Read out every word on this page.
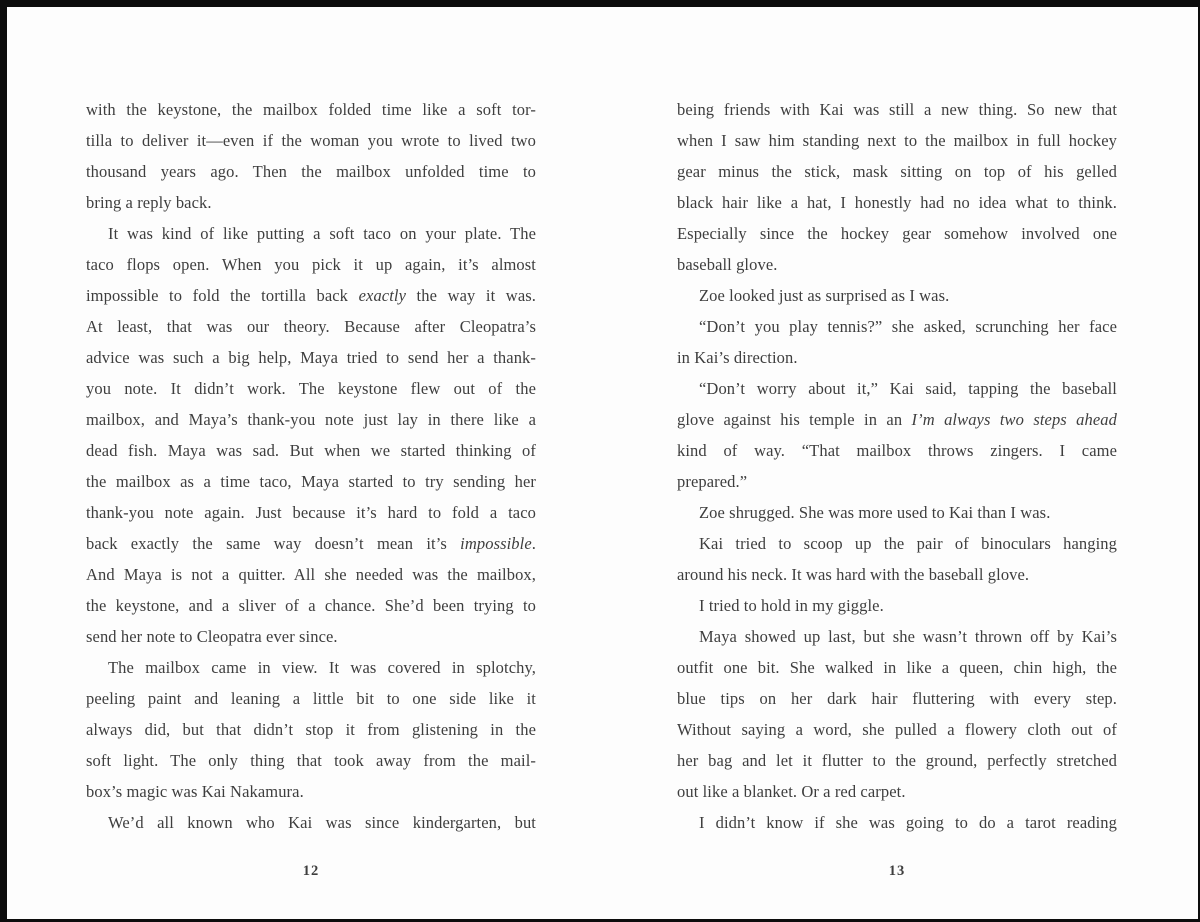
with the keystone, the mailbox folded time like a soft tor-
tilla to deliver it—even if the woman you wrote to lived two
thousand years ago. Then the mailbox unfolded time to
bring a reply back.
It was kind of like putting a soft taco on your plate. The
taco flops open. When you pick it up again, it’s almost
impossible to fold the tortilla back exactly the way it was.
At least, that was our theory. Because after Cleopatra’s
advice was such a big help, Maya tried to send her a thank-
you note. It didn’t work. The keystone flew out of the
mailbox, and Maya’s thank-you note just lay in there like a
dead fish. Maya was sad. But when we started thinking of
the mailbox as a time taco, Maya started to try sending her
thank-you note again. Just because it’s hard to fold a taco
back exactly the same way doesn’t mean it’s impossible.
And Maya is not a quitter. All she needed was the mailbox,
the keystone, and a sliver of a chance. She’d been trying to
send her note to Cleopatra ever since.
The mailbox came in view. It was covered in splotchy,
peeling paint and leaning a little bit to one side like it
always did, but that didn’t stop it from glistening in the
soft light. The only thing that took away from the mail-
box’s magic was Kai Nakamura.
We’d all known who Kai was since kindergarten, but
being friends with Kai was still a new thing. So new that
when I saw him standing next to the mailbox in full hockey
gear minus the stick, mask sitting on top of his gelled
black hair like a hat, I honestly had no idea what to think.
Especially since the hockey gear somehow involved one
baseball glove.
Zoe looked just as surprised as I was.
“Don’t you play tennis?” she asked, scrunching her face
in Kai’s direction.
“Don’t worry about it,” Kai said, tapping the baseball
glove against his temple in an I’m always two steps ahead
kind of way. “That mailbox throws zingers. I came
prepared.”
Zoe shrugged. She was more used to Kai than I was.
Kai tried to scoop up the pair of binoculars hanging
around his neck. It was hard with the baseball glove.
I tried to hold in my giggle.
Maya showed up last, but she wasn’t thrown off by Kai’s
outfit one bit. She walked in like a queen, chin high, the
blue tips on her dark hair fluttering with every step.
Without saying a word, she pulled a flowery cloth out of
her bag and let it flutter to the ground, perfectly stretched
out like a blanket. Or a red carpet.
I didn’t know if she was going to do a tarot reading
12	13
